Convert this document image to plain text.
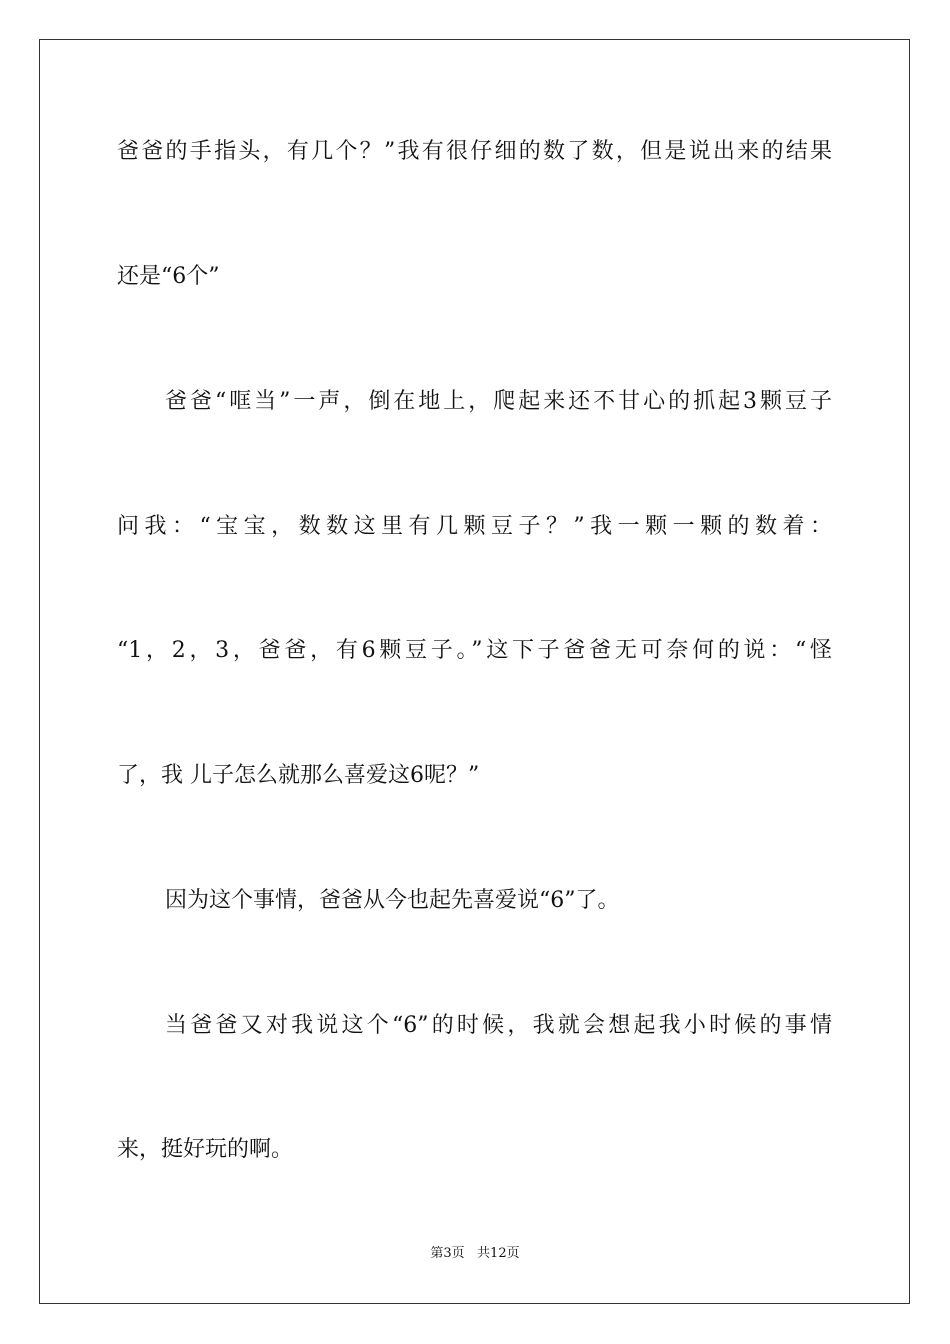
爸爸的手指头，有几个？”我有很仔细的数了数，但是说出来的结果
还是“6个”
爸爸“哐当”一声，倒在地上，爬起来还不甘心的抓起3颗豆子
问我：“宝宝，数数这里有几颗豆子？”我一颗一颗的数着：
“1，2，3，爸爸，有6颗豆子。”这下子爸爸无可奈何的说：“怪
了，我 儿子怎么就那么喜爱这6呢？”
因为这个事情，爸爸从今也起先喜爱说“6”了。
当爸爸又对我说这个“6”的时候，我就会想起我小时候的事情
来，挺好玩的啊。
第3页   共12页
